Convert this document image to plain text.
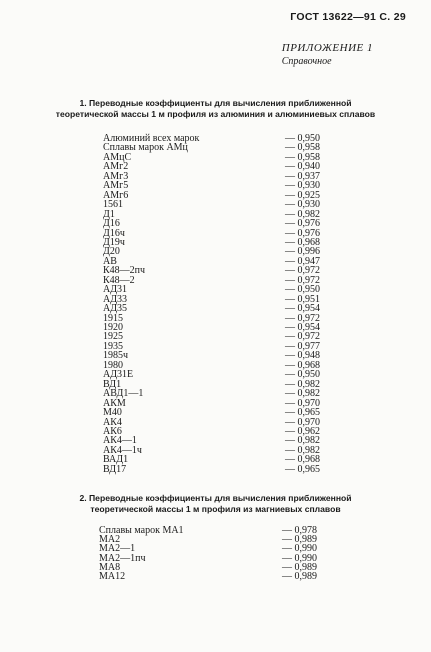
ГОСТ 13622—91 С. 29
ПРИЛОЖЕНИЕ 1
Справочное
1. Переводные коэффициенты для вычисления приближенной
теоретической массы 1 м профиля из алюминия и алюминиевых сплавов
Алюминий всех марок	— 0,950
Сплавы марок АМц	— 0,958
АМцС	— 0,958
АМг2	— 0,940
АМг3	— 0,937
АМг5	— 0,930
АМг6	— 0,925
1561	— 0,930
Д1	— 0,982
Д16	— 0,976
Д16ч	— 0,976
Д19ч	— 0,968
Д20	— 0,996
АВ	— 0,947
К48—2пч	— 0,972
К48—2	— 0,972
АД31	— 0,950
АД33	— 0,951
АД35	— 0,954
1915	— 0,972
1920	— 0,954
1925	— 0,972
1935	— 0,977
1985ч	— 0,948
1980	— 0,968
АД31Е	— 0,950
ВД1	— 0,982
АВД1—1	— 0,982
АКМ	— 0,970
М40	— 0,965
АК4	— 0,970
АК6	— 0,962
АК4—1	— 0,982
АК4—1ч	— 0,982
ВАД1	— 0,968
ВД17	— 0,965
2. Переводные коэффициенты для вычисления приближенной
теоретической массы 1 м профиля из магниевых сплавов
Сплавы марок МА1	— 0,978
МА2	— 0,989
МА2—1	— 0,990
МА2—1пч	— 0,990
МА8	— 0,989
МА12	— 0,989
